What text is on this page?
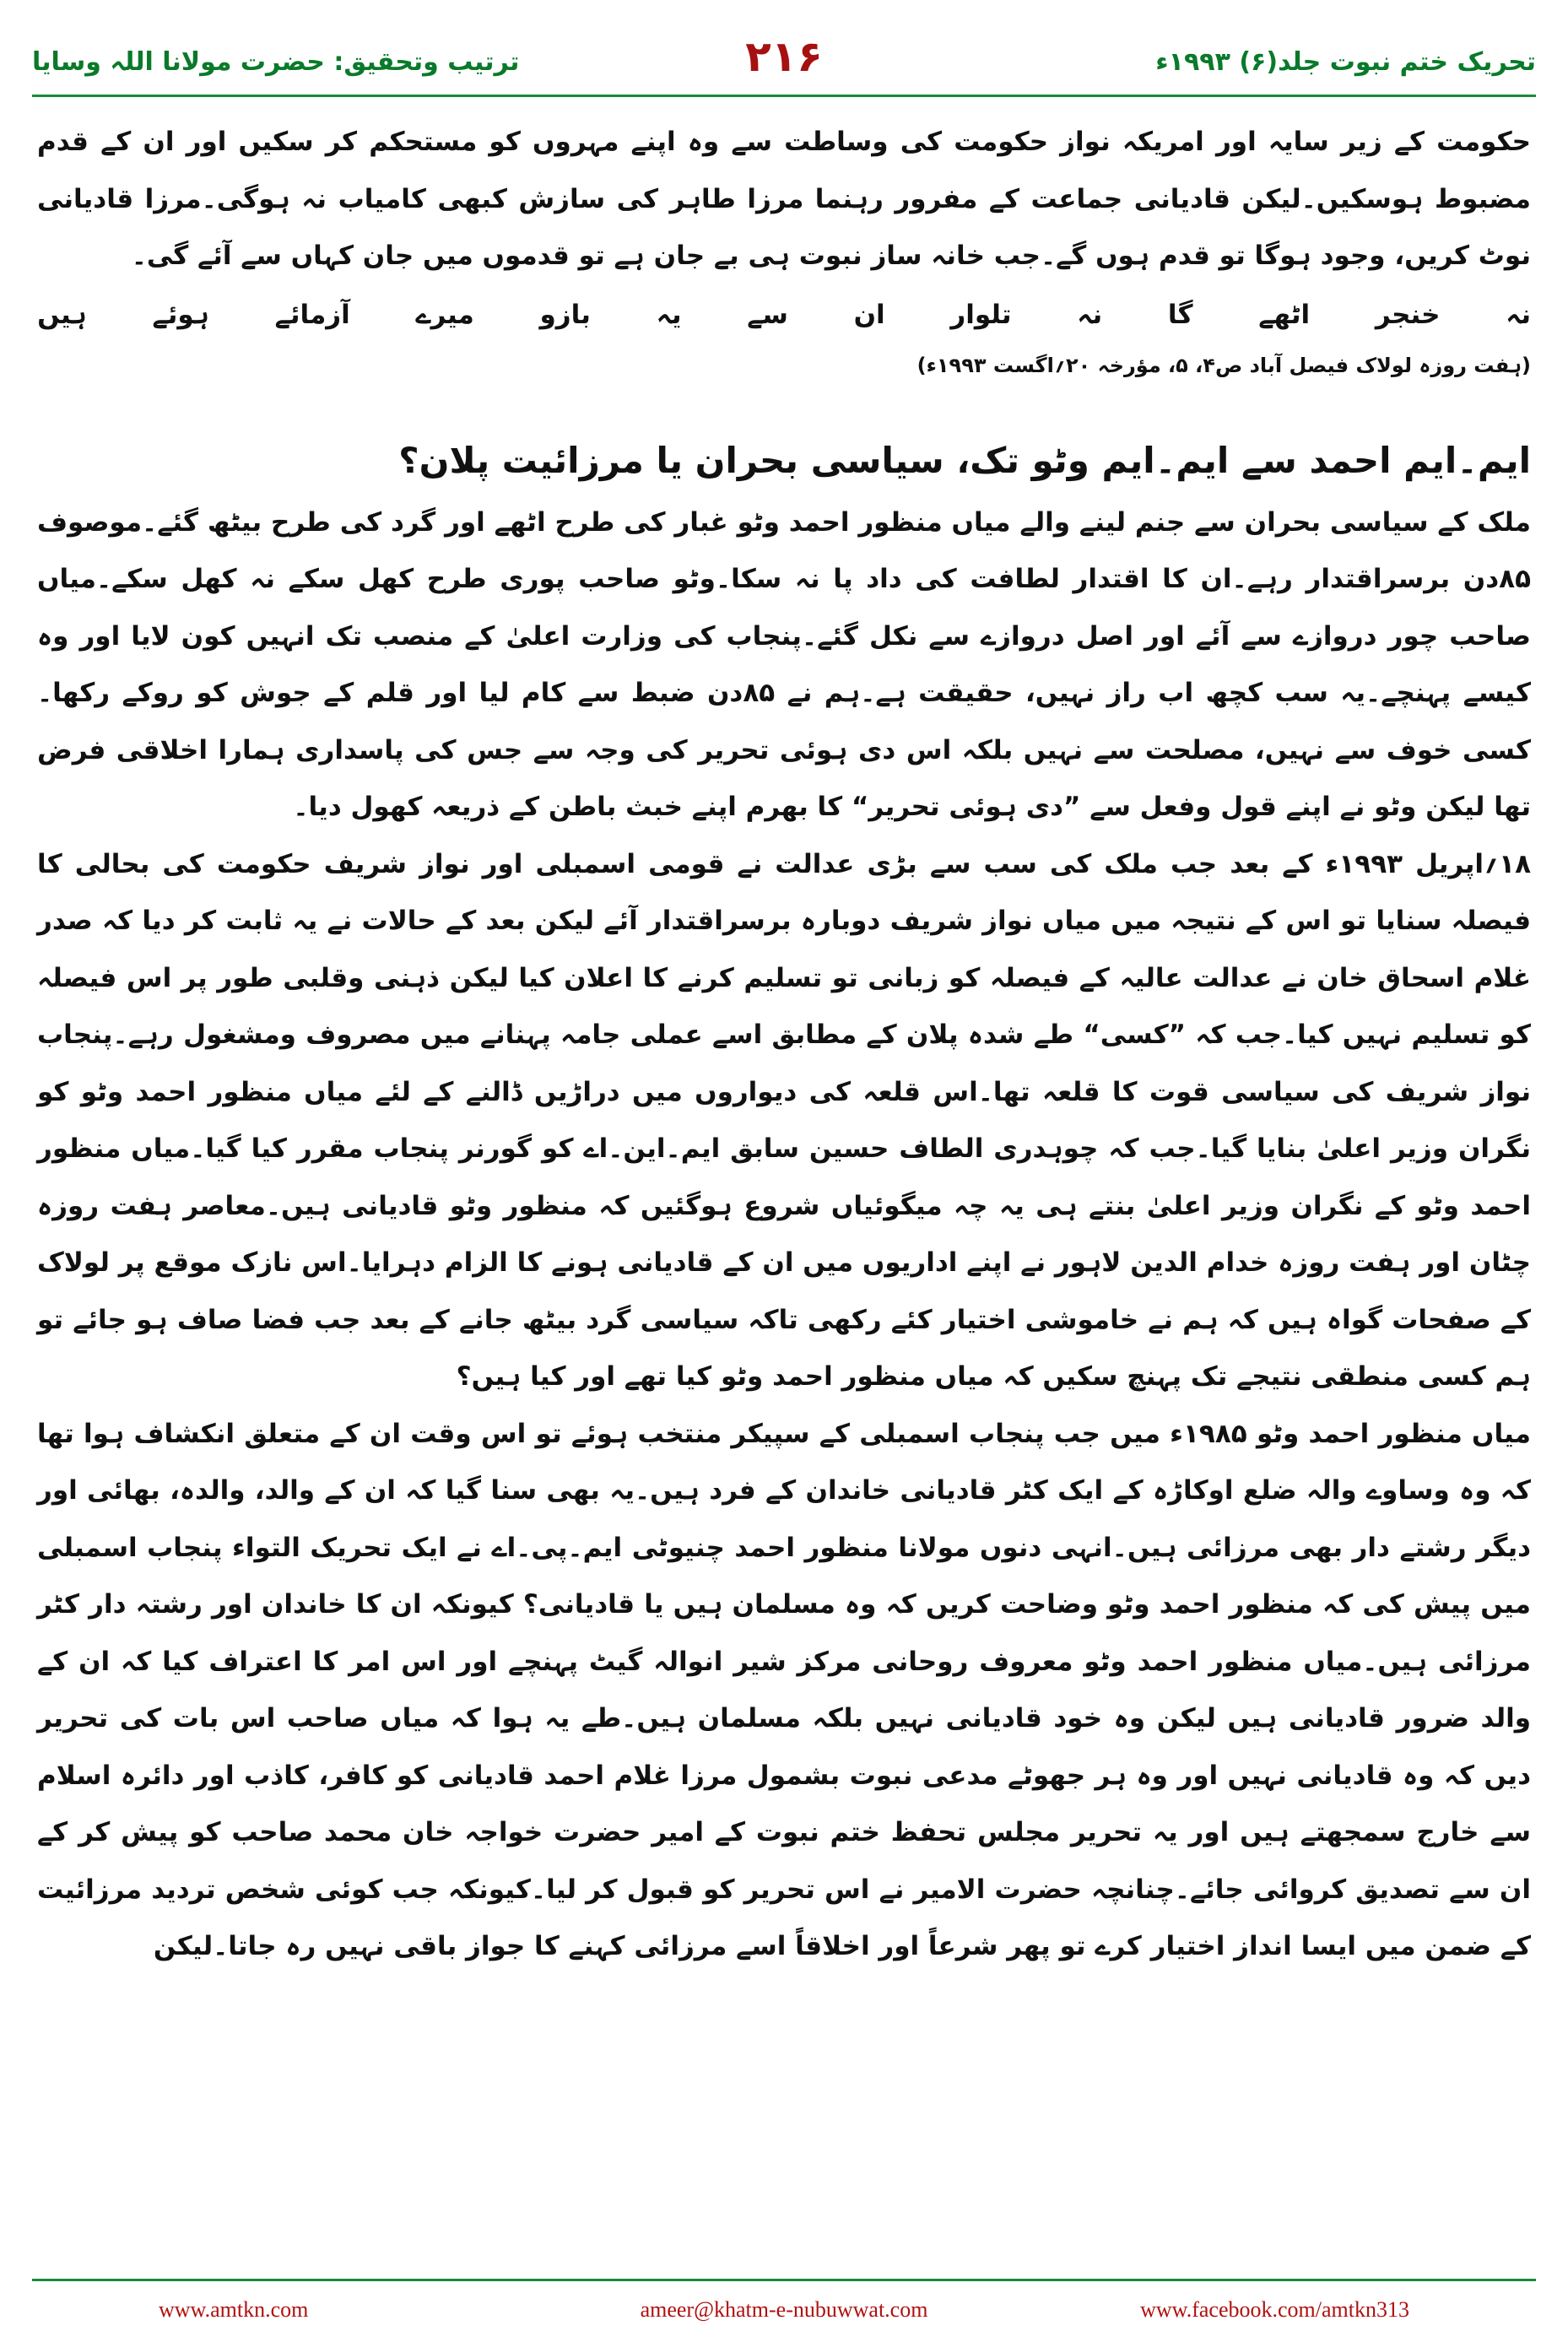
ترتیب وتحقیق: حضرت مولانا اللہ وسایا	۲۱۶	تحریک ختم نبوت جلد(۶) ۱۹۹۳ء

حکومت کے زیر سایہ اور امریکہ نواز حکومت کی وساطت سے وہ اپنے مہروں کو مستحکم کر سکیں اور ان کے قدم مضبوط ہوسکیں۔لیکن قادیانی جماعت کے مفرور رہنما مرزا طاہر کی سازش کبھی کامیاب نہ ہوگی۔مرزا قادیانی نوٹ کریں، وجود ہوگا تو قدم ہوں گے۔جب خانہ ساز نبوت ہی بے جان ہے تو قدموں میں جان کہاں سے آئے گی۔

نہ
خنجر
اٹھے
گا
نہ
تلوار
ان
سے
یہ
بازو
میرے
آزمائے
ہوئے
ہیں
(ہفت روزہ لولاک فیصل آباد ص۴، ۵، مؤرخہ ۲۰؍اگست ۱۹۹۳ء)
ایم۔ایم احمد سے ایم۔ایم وٹو تک، سیاسی بحران یا مرزائیت پلان؟

ملک کے سیاسی بحران سے جنم لینے والے میاں منظور احمد وٹو غبار کی طرح اٹھے اور گرد کی طرح بیٹھ گئے۔موصوف ۸۵دن برسراقتدار رہے۔ان کا اقتدار لطافت کی داد پا نہ سکا۔وٹو صاحب پوری طرح کھل سکے نہ کھل سکے۔میاں صاحب چور دروازے سے آئے اور اصل دروازے سے نکل گئے۔پنجاب کی وزارت اعلیٰ کے منصب تک انہیں کون لایا اور وہ کیسے پہنچے۔یہ سب کچھ اب راز نہیں، حقیقت ہے۔ہم نے ۸۵دن ضبط سے کام لیا اور قلم کے جوش کو روکے رکھا۔کسی خوف سے نہیں، مصلحت سے نہیں بلکہ اس دی ہوئی تحریر کی وجہ سے جس کی پاسداری ہمارا اخلاقی فرض تھا لیکن وٹو نے اپنے قول وفعل سے ”دی ہوئی تحریر“ کا بھرم اپنے خبث باطن کے ذریعہ کھول دیا۔

۱۸؍اپریل ۱۹۹۳ء کے بعد جب ملک کی سب سے بڑی عدالت نے قومی اسمبلی اور نواز شریف حکومت کی بحالی کا فیصلہ سنایا تو اس کے نتیجہ میں میاں نواز شریف دوبارہ برسراقتدار آئے لیکن بعد کے حالات نے یہ ثابت کر دیا کہ صدر غلام اسحاق خان نے عدالت عالیہ کے فیصلہ کو زبانی تو تسلیم کرنے کا اعلان کیا لیکن ذہنی وقلبی طور پر اس فیصلہ کو تسلیم نہیں کیا۔جب کہ ”کسی“ طے شدہ پلان کے مطابق اسے عملی جامہ پہنانے میں مصروف ومشغول رہے۔پنجاب نواز شریف کی سیاسی قوت کا قلعہ تھا۔اس قلعہ کی دیواروں میں دراڑیں ڈالنے کے لئے میاں منظور احمد وٹو کو نگران وزیر اعلیٰ بنایا گیا۔جب کہ چوہدری الطاف حسین سابق ایم۔این۔اے کو گورنر پنجاب مقرر کیا گیا۔میاں منظور احمد وٹو کے نگران وزیر اعلیٰ بنتے ہی یہ چہ میگوئیاں شروع ہوگئیں کہ منظور وٹو قادیانی ہیں۔معاصر ہفت روزہ چٹان اور ہفت روزہ خدام الدین لاہور نے اپنے اداریوں میں ان کے قادیانی ہونے کا الزام دہرایا۔اس نازک موقع پر لولاک کے صفحات گواہ ہیں کہ ہم نے خاموشی اختیار کئے رکھی تاکہ سیاسی گرد بیٹھ جانے کے بعد جب فضا صاف ہو جائے تو ہم کسی منطقی نتیجے تک پہنچ سکیں کہ میاں منظور احمد وٹو کیا تھے اور کیا ہیں؟

میاں منظور احمد وٹو ۱۹۸۵ء میں جب پنجاب اسمبلی کے سپیکر منتخب ہوئے تو اس وقت ان کے متعلق انکشاف ہوا تھا کہ وہ وساوے والہ ضلع اوکاڑہ کے ایک کٹر قادیانی خاندان کے فرد ہیں۔یہ بھی سنا گیا کہ ان کے والد، والدہ، بھائی اور دیگر رشتے دار بھی مرزائی ہیں۔انہی دنوں مولانا منظور احمد چنیوٹی ایم۔پی۔اے نے ایک تحریک التواء پنجاب اسمبلی میں پیش کی کہ منظور احمد وٹو وضاحت کریں کہ وہ مسلمان ہیں یا قادیانی؟ کیونکہ ان کا خاندان اور رشتہ دار کٹر مرزائی ہیں۔میاں منظور احمد وٹو معروف روحانی مرکز شیر انوالہ گیٹ پہنچے اور اس امر کا اعتراف کیا کہ ان کے والد ضرور قادیانی ہیں لیکن وہ خود قادیانی نہیں بلکہ مسلمان ہیں۔طے یہ ہوا کہ میاں صاحب اس بات کی تحریر دیں کہ وہ قادیانی نہیں اور وہ ہر جھوٹے مدعی نبوت بشمول مرزا غلام احمد قادیانی کو کافر، کاذب اور دائرہ اسلام سے خارج سمجھتے ہیں اور یہ تحریر مجلس تحفظ ختم نبوت کے امیر حضرت خواجہ خان محمد صاحب کو پیش کر کے ان سے تصدیق کروائی جائے۔چنانچہ حضرت الامیر نے اس تحریر کو قبول کر لیا۔کیونکہ جب کوئی شخص تردید مرزائیت کے ضمن میں ایسا انداز اختیار کرے تو پھر شرعاً اور اخلاقاً اسے مرزائی کہنے کا جواز باقی نہیں رہ جاتا۔لیکن

www.amtkn.com	ameer@khatm-e-nubuwwat.com	www.facebook.com/amtkn313
